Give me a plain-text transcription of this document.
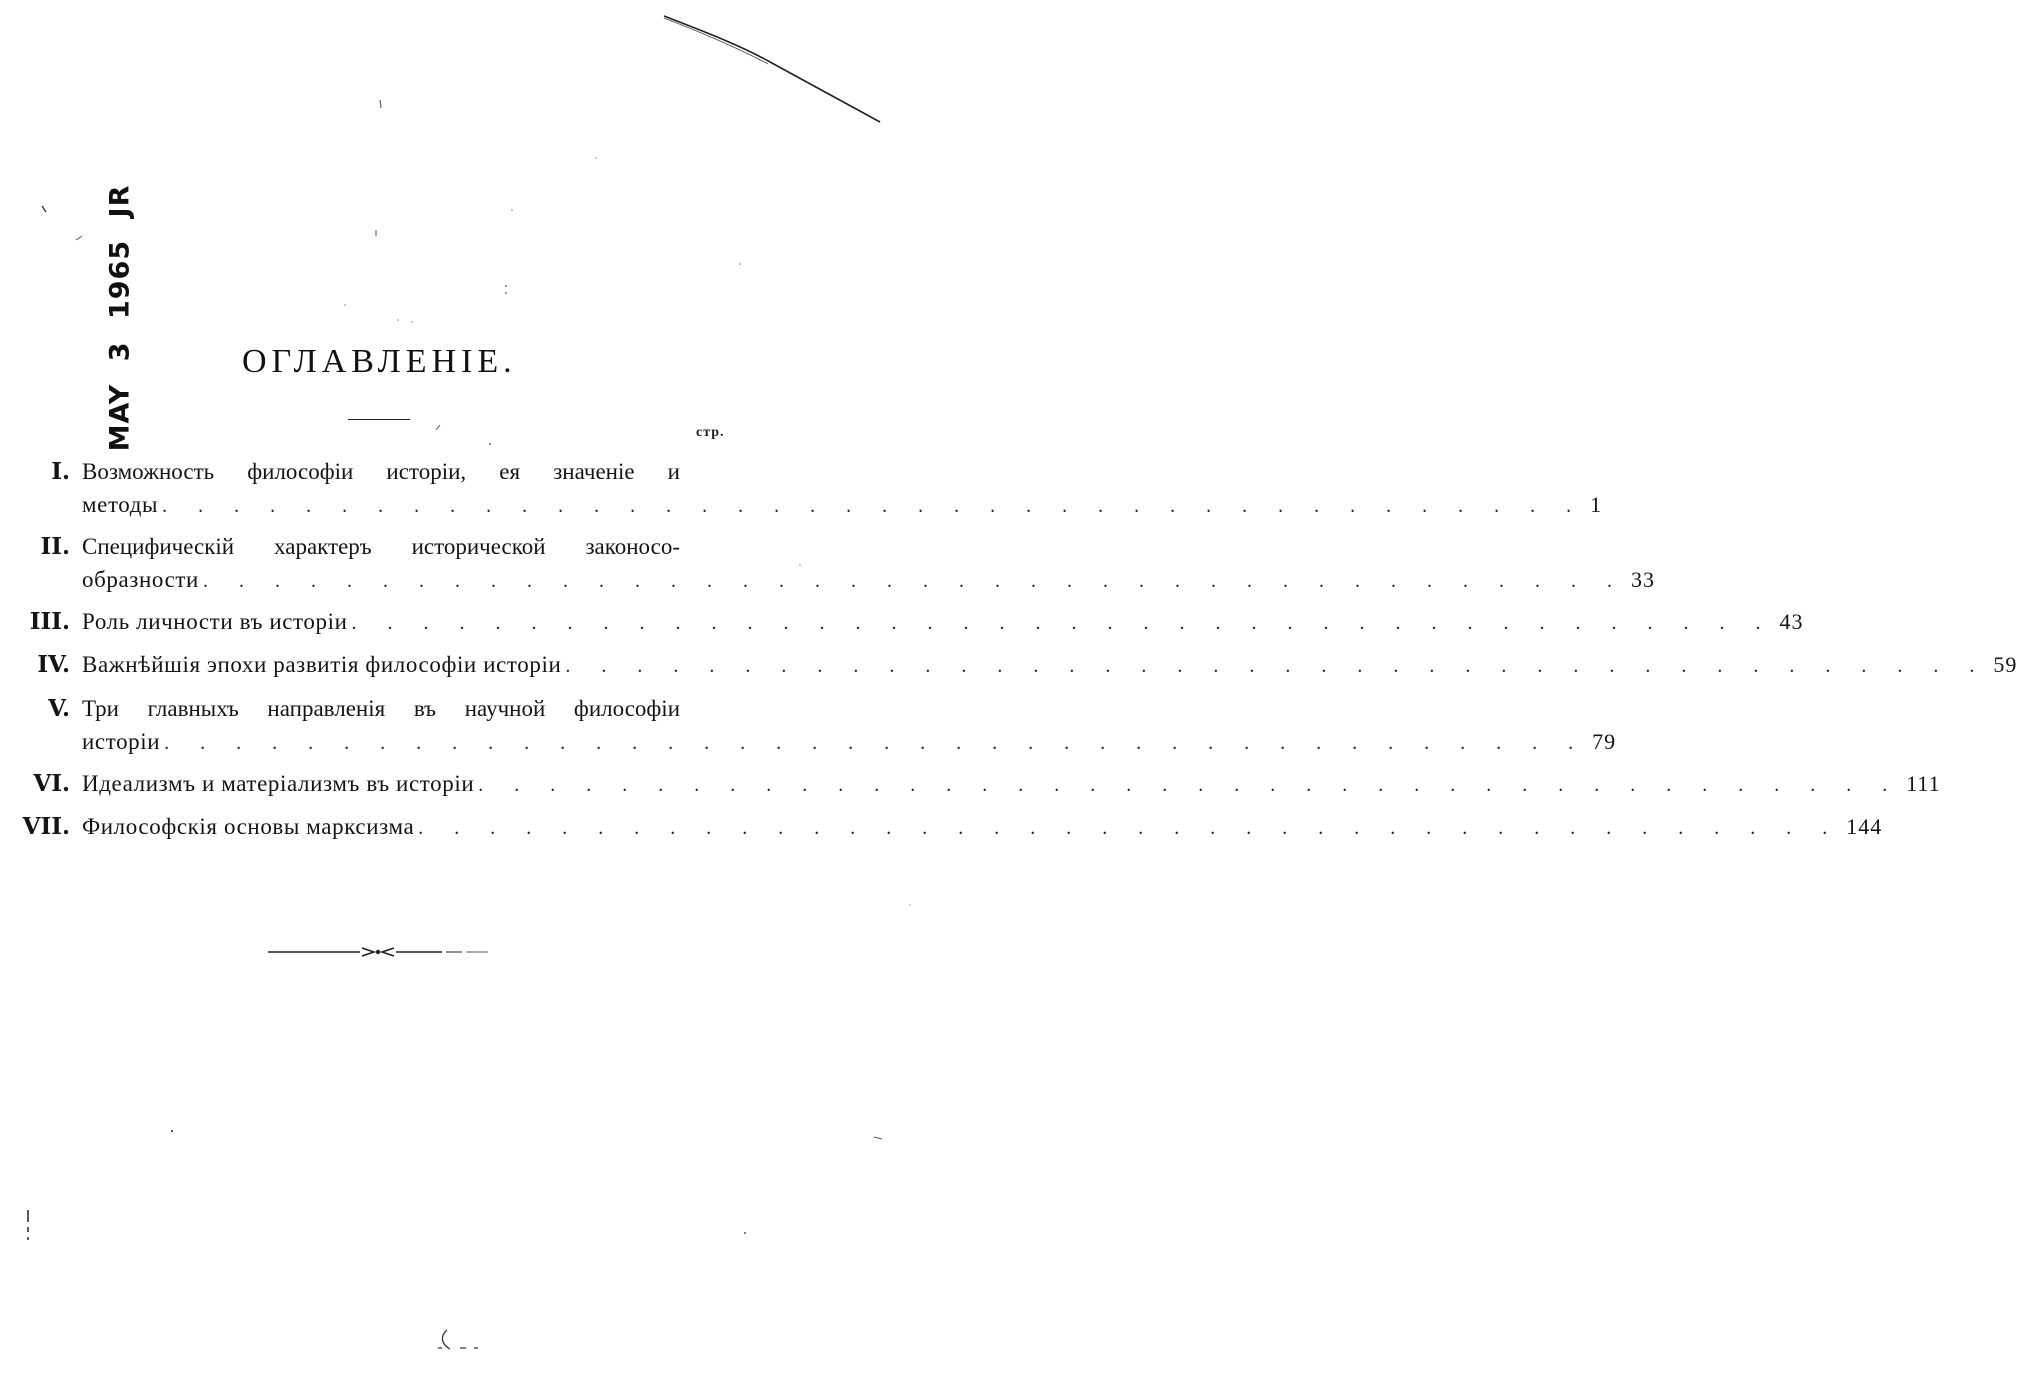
MAY 3 1965 JR
ОГЛАВЛЕНІЕ.
стр.
I. Возможность философіи исторіи, ея значеніе и
методы . . . . . . . . . . . . . . . . . . . . . . . . . . . . . . . . . . . . . . . . 1
II. Специфическій характеръ исторической законосо-
образности . . . . . . . . . . . . . . . . . . . . . . . . . . . . . . . . . . . . . . . . 33
III. Роль личности въ исторіи . . . . . . . . . . . . . . . . . . . . . . . . . . . . . . . . . . . . . . . . 43
IV. Важнѣйшія эпохи развитія философіи исторіи . . . . . . . . . . . . . . . . . . . . . . . . . . . . . . . . . . . . . . . . 59
V. Три главныхъ направленія въ научной философіи
исторіи . . . . . . . . . . . . . . . . . . . . . . . . . . . . . . . . . . . . . . . . 79
VI. Идеализмъ и матеріализмъ въ исторіи . . . . . . . . . . . . . . . . . . . . . . . . . . . . . . . . . . . . . . . . 111
VII. Философскія основы марксизма . . . . . . . . . . . . . . . . . . . . . . . . . . . . . . . . . . . . . . . . 144
